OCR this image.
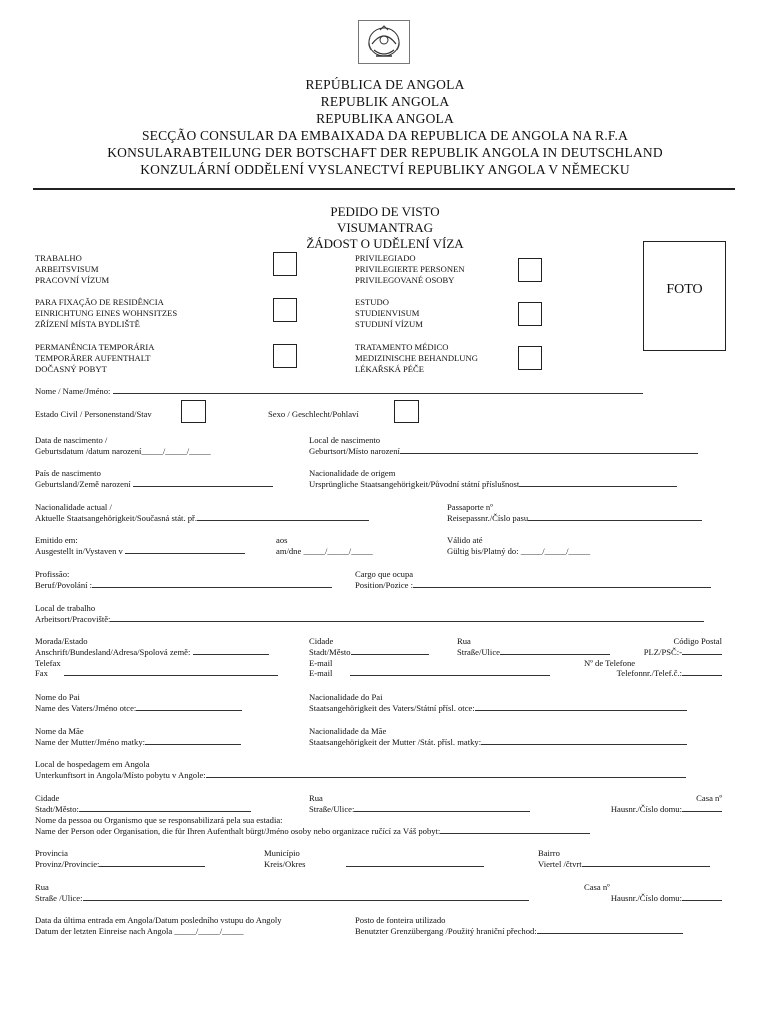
REPÚBLICA DE ANGOLA
REPUBLIK ANGOLA
REPUBLIKA ANGOLA
SECÇÃO CONSULAR DA EMBAIXADA DA REPUBLICA DE ANGOLA NA R.F.A
KONSULARABTEILUNG DER BOTSCHAFT DER REPUBLIK ANGOLA IN DEUTSCHLAND
KONZULÁRNÍ ODDĚLENÍ VYSLANECTVÍ REPUBLIKY ANGOLA V NĚMECKU
PEDIDO DE VISTO
VISUMANTRAG
ŽÁDOST O UDĚLENÍ VÍZA
FOTO
TRABALHO
ARBEITSVISUM
PRACOVNÍ VÍZUM
PARA FIXAÇÃO DE RESIDÊNCIA
EINRICHTUNG EINES WOHNSITZES
ZŘÍZENÍ MÍSTA BYDLIŠTĚ
PERMANÊNCIA TEMPORÁRIA
TEMPORÄRER AUFENTHALT
DOČASNÝ POBYT
PRIVILEGIADO
PRIVILEGIERTE PERSONEN
PRIVILEGOVANÉ OSOBY
ESTUDO
STUDIENVISUM
STUDIJNÍ VÍZUM
TRATAMENTO MÉDICO
MEDIZINISCHE BEHANDLUNG
LÉKAŘSKÁ PÉČE
Nome / Name/Jméno:
Estado Civil / Personenstand/Stav	Sexo / Geschlecht/Pohlaví
Data de nascimento /
Geburtsdatum /datum narození_____/_____/_____
Local de nascimento
Geburtsort/Místo narození
País de nascimento
Geburtsland/Země narození
Nacionalidade de origem
Ursprüngliche Staatsangehörigkeit/Původní státní příslušnost
Nacionalidade actual /
Aktuelle Staatsangehörigkeit/Současná stát. př.
Passaporte nº
Reisepassnr./Číslo pasu
Emitido em:
Ausgestellt in/Vystaven v
aos
am/dne _____/_____/_____
Válido até
Gültig bis/Platný do: _____/_____/_____
Profissão:
Beruf/Povolání :
Cargo que ocupa
Position/Pozice :
Local de trabalho
Arbeitsort/Pracoviště:
Morada/Estado
Anschrift/Bundesland/Adresa/Spolová země:
Telefax
Fax
Cidade
Stadt/Město
E-mail
E-mail
Rua
Straße/Ulice
Código Postal
PLZ/PSČ:-
Nº de Telefone
Telefonnr./Telef.č.:
Nome do Pai
Name des Vaters/Jméno otce:
Nacionalidade do Pai
Staatsangehörigkeit des Vaters/Státní přísl. otce:
Nome da Mãe
Name der Mutter/Jméno matky:
Nacionalidade da Mãe
Staatsangehörigkeit der Mutter /Stát. přísl. matky:
Local de hospedagem em Angola
Unterkunftsort in Angola/Místo pobytu v Angole:
Cidade
Stadt/Město:
Rua
Straße/Ulice:
Casa nº
Hausnr./Číslo domu:
Nome da pessoa ou Organismo que se responsabilizará pela sua estadia:
Name der Person oder Organisation, die für Ihren Aufenthalt bürgt/Jméno osoby nebo organizace ručící za Váš pobyt:
Provincia
Provinz/Provincie:
Município
Kreis/Okres
Bairro
Viertel /čtvrt
Rua
Straße /Ulice:
Casa nº
Hausnr./Číslo domu:
Data da última entrada em Angola/Datum posledního vstupu do Angoly
Datum der letzten Einreise nach Angola _____/_____/_____
Posto de fonteira utilizado
Benutzter Grenzübergang /Použitý hraniční přechod:
